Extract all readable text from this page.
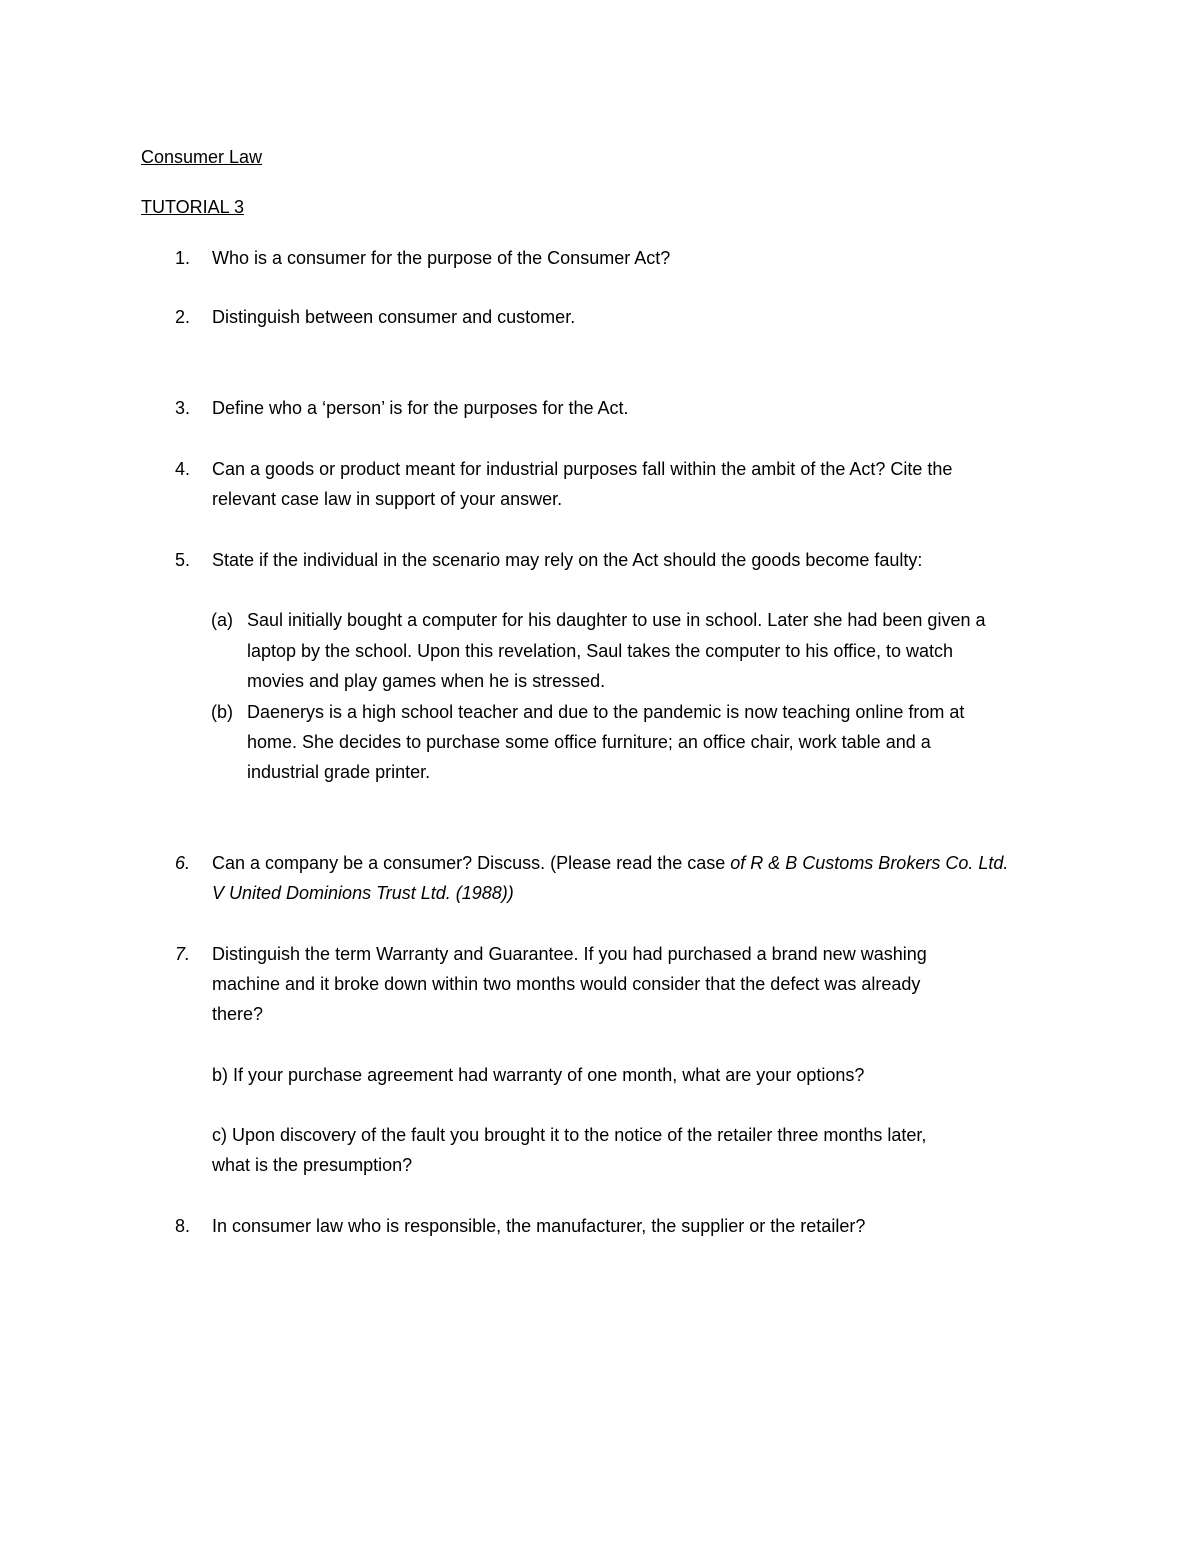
Consumer Law
TUTORIAL 3
1. Who is a consumer for the purpose of the Consumer Act?
2. Distinguish between consumer and customer.
3. Define who a ‘person’ is for the purposes for the Act.
4. Can a goods or product meant for industrial purposes fall within the ambit of the Act? Cite the
relevant case law in support of your answer.
5. State if the individual in the scenario may rely on the Act should the goods become faulty:
(a) Saul initially bought a computer for his daughter to use in school. Later she had been given a
laptop by the school. Upon this revelation, Saul takes the computer to his office, to watch
movies and play games when he is stressed.
(b) Daenerys is a high school teacher and due to the pandemic is now teaching online from at
home. She decides to purchase some office furniture; an office chair, work table and a
industrial grade printer.
6. Can a company be a consumer? Discuss. (Please read the case of R & B Customs Brokers Co. Ltd.
V United Dominions Trust Ltd. (1988))
7. Distinguish the term Warranty and Guarantee. If you had purchased a brand new washing
machine and it broke down within two months would consider that the defect was already
there?
b) If your purchase agreement had warranty of one month, what are your options?
c) Upon discovery of the fault you brought it to the notice of the retailer three months later,
what is the presumption?
8. In consumer law who is responsible, the manufacturer, the supplier or the retailer?
